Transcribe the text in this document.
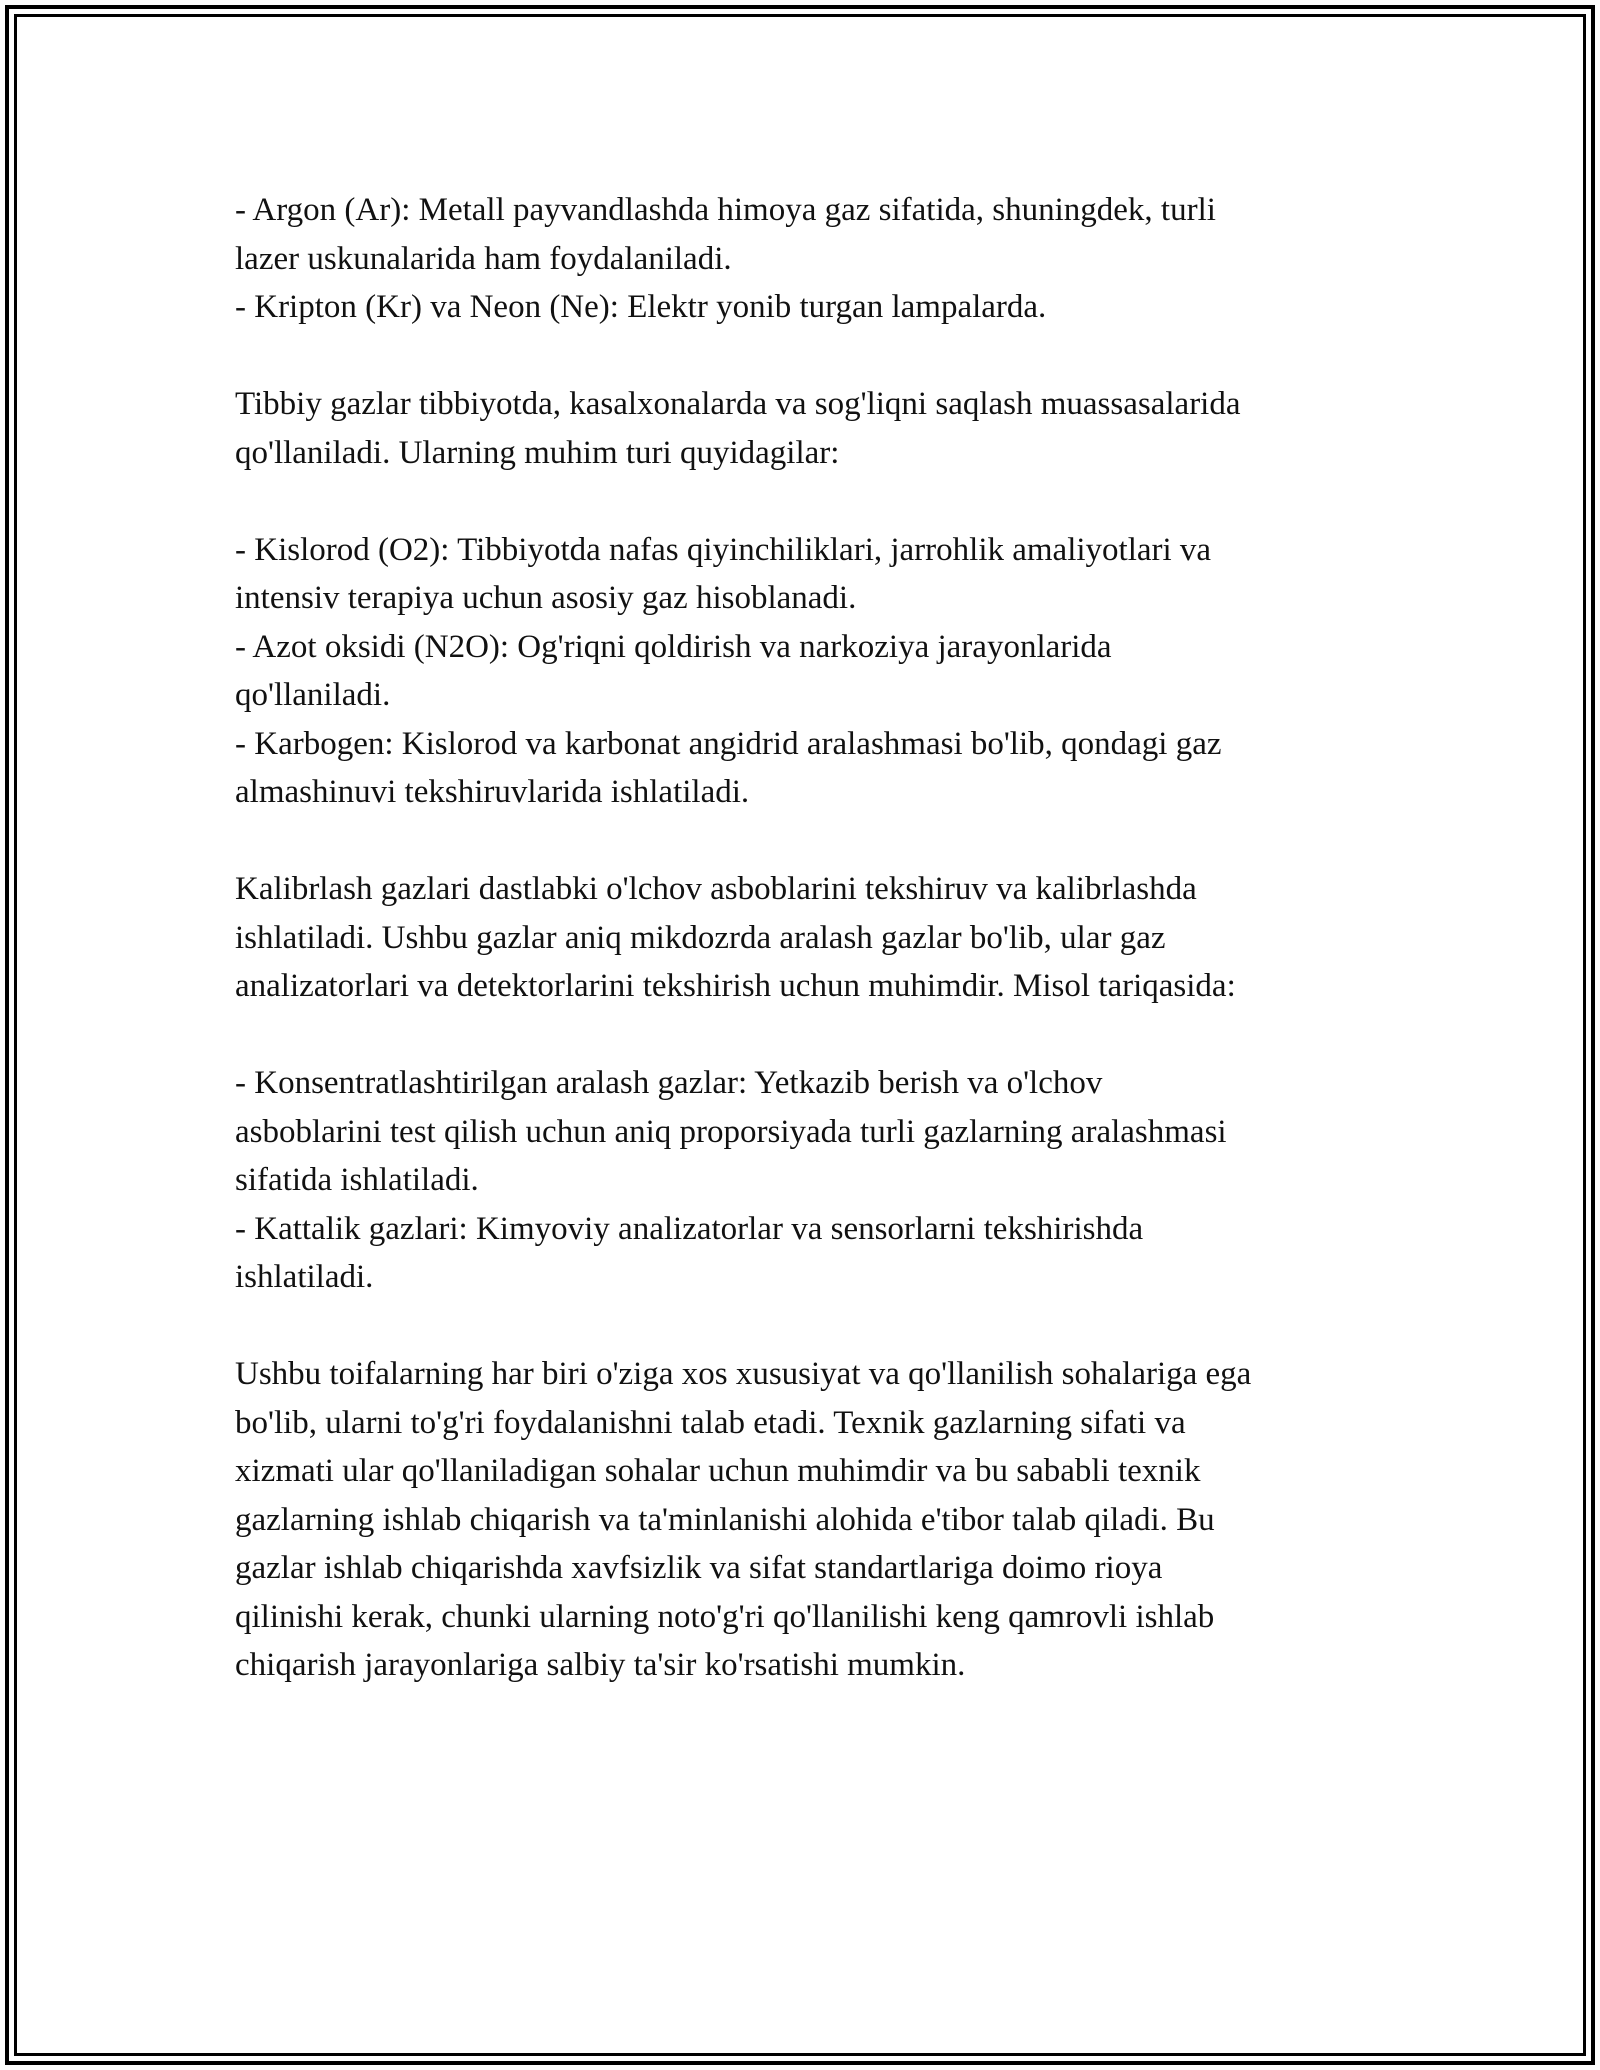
- Argon (Ar): Metall payvandlashda himoya gaz sifatida, shuningdek, turli

lazer uskunalarida ham foydalaniladi.

- Kripton (Kr) va Neon (Ne): Elektr yonib turgan lampalarda.

Tibbiy gazlar tibbiyotda, kasalxonalarda va sog'liqni saqlash muassasalarida

qo'llaniladi. Ularning muhim turi quyidagilar:

- Kislorod (O2): Tibbiyotda nafas qiyinchiliklari, jarrohlik amaliyotlari va

intensiv terapiya uchun asosiy gaz hisoblanadi.

- Azot oksidi (N2O): Og'riqni qoldirish va narkoziya jarayonlarida

qo'llaniladi.

- Karbogen: Kislorod va karbonat angidrid aralashmasi bo'lib, qondagi gaz

almashinuvi tekshiruvlarida ishlatiladi.

Kalibrlash gazlari dastlabki o'lchov asboblarini tekshiruv va kalibrlashda

ishlatiladi. Ushbu gazlar aniq mikdozrda aralash gazlar bo'lib, ular gaz

analizatorlari va detektorlarini tekshirish uchun muhimdir. Misol tariqasida:

- Konsentratlashtirilgan aralash gazlar: Yetkazib berish va o'lchov

asboblarini test qilish uchun aniq proporsiyada turli gazlarning aralashmasi

sifatida ishlatiladi.

- Kattalik gazlari: Kimyoviy analizatorlar va sensorlarni tekshirishda

ishlatiladi.

Ushbu toifalarning har biri o'ziga xos xususiyat va qo'llanilish sohalariga ega

bo'lib, ularni to'g'ri foydalanishni talab etadi. Texnik gazlarning sifati va

xizmati ular qo'llaniladigan sohalar uchun muhimdir va bu sababli texnik

gazlarning ishlab chiqarish va ta'minlanishi alohida e'tibor talab qiladi. Bu

gazlar ishlab chiqarishda xavfsizlik va sifat standartlariga doimo rioya

qilinishi kerak, chunki ularning noto'g'ri qo'llanilishi keng qamrovli ishlab

chiqarish jarayonlariga salbiy ta'sir ko'rsatishi mumkin.
